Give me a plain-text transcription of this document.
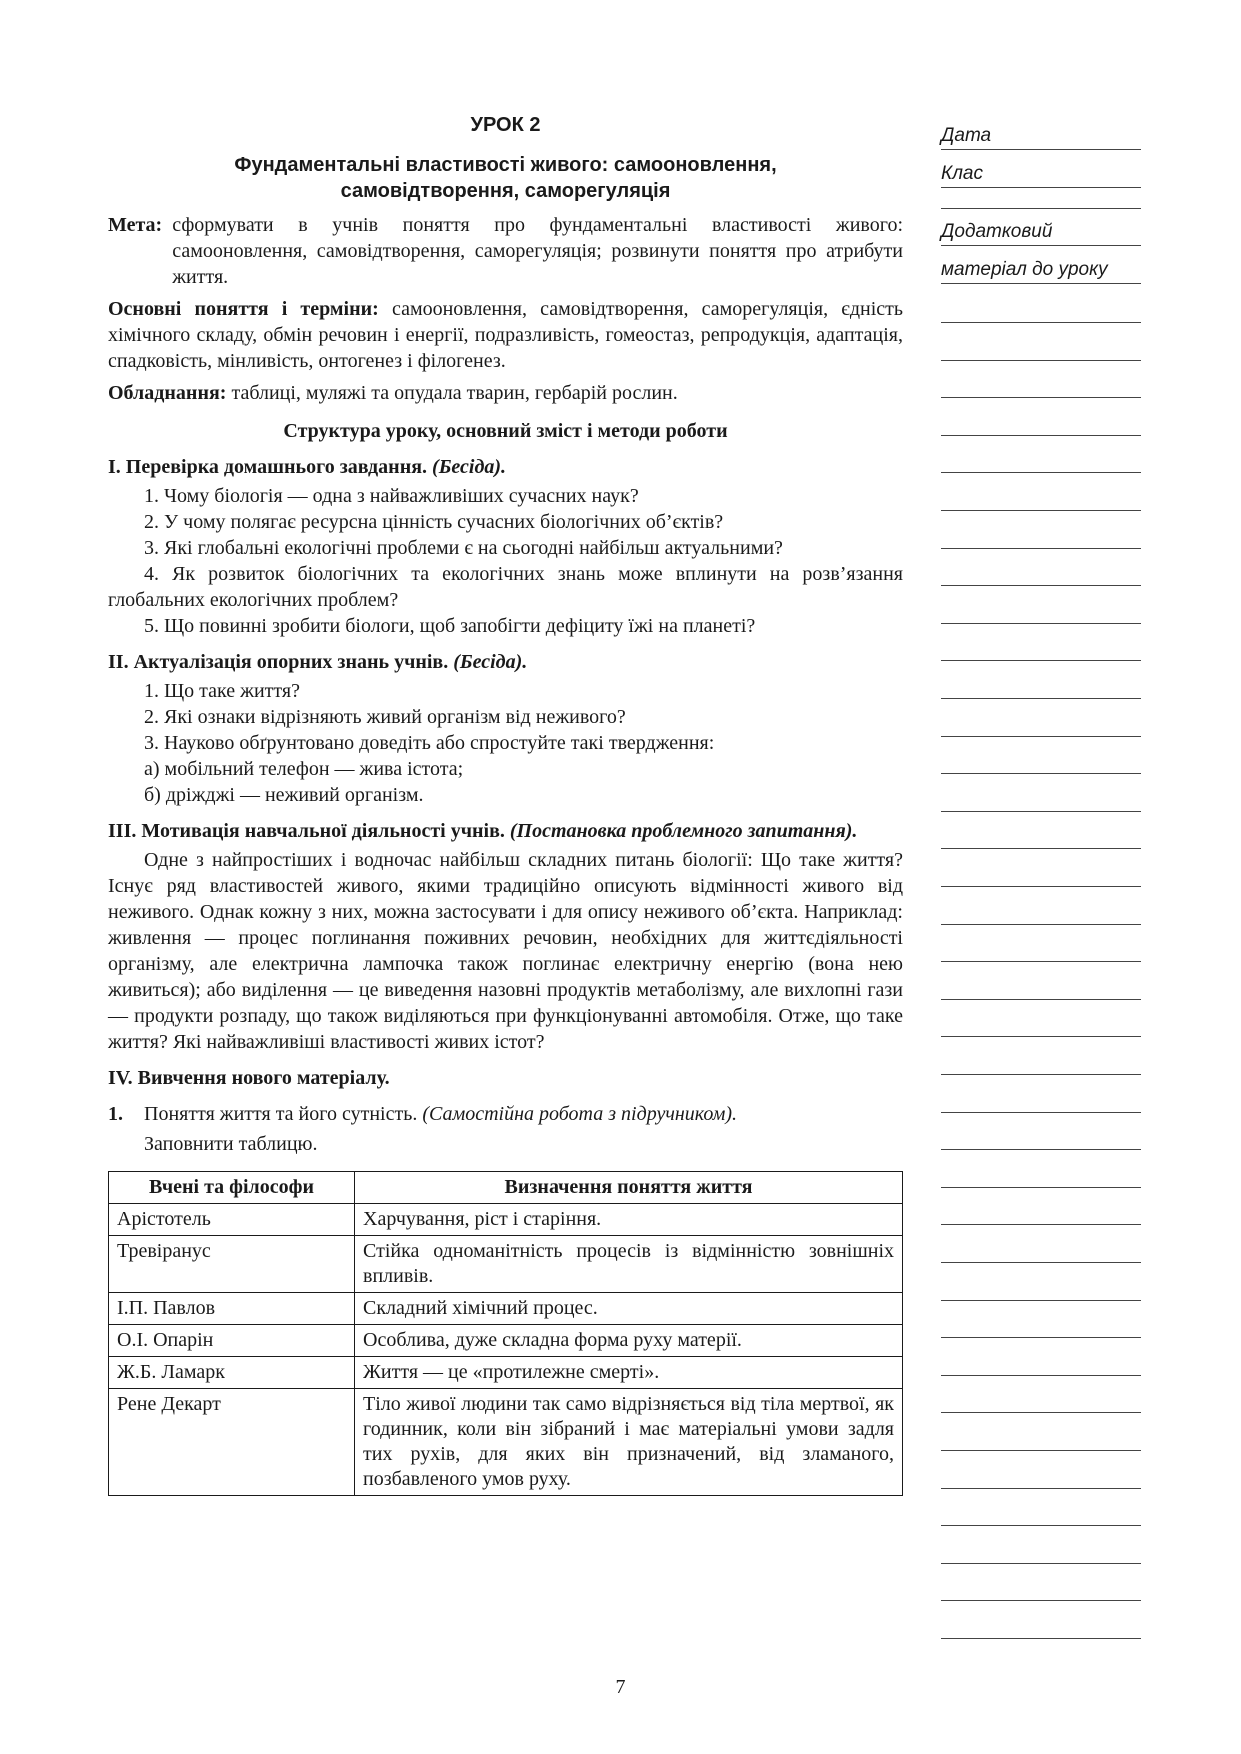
УРОК 2
Фундаментальні властивості живого: самооновлення,
самовідтворення, саморегуляція
Мета: сформувати в учнів поняття про фундаментальні властивості живого: самооновлення, самовідтворення, саморегуляція; розвинути поняття про атрибути життя.

Основні поняття і терміни: самооновлення, самовідтворення, саморегуляція, єдність хімічного складу, обмін речовин і енергії, подразливість, гомеостаз, репродукція, адаптація, спадковість, мінливість, онтогенез і філогенез.

Обладнання: таблиці, муляжі та опудала тварин, гербарій рослин.

Структура уроку, основний зміст і методи роботи
І. Перевірка домашнього завдання. (Бесіда).

1. Чому біологія — одна з найважливіших сучасних наук?

2. У чому полягає ресурсна цінність сучасних біологічних об’єктів?

3. Які глобальні екологічні проблеми є на сьогодні найбільш актуальними?

4. Як розвиток біологічних та екологічних знань може вплинути на розв’язання глобальних екологічних проблем?

5. Що повинні зробити біологи, щоб запобігти дефіциту їжі на планеті?

ІІ. Актуалізація опорних знань учнів. (Бесіда).

1. Що таке життя?

2. Які ознаки відрізняють живий організм від неживого?

3. Науково обґрунтовано доведіть або спростуйте такі твердження:

а) мобільний телефон — жива істота;

б) дріжджі — неживий організм.

ІІІ. Мотивація навчальної діяльності учнів. (Постановка проблемного запитання).

Одне з найпростіших і водночас найбільш складних питань біології: Що таке життя? Існує ряд властивостей живого, якими традиційно описують відмінності живого від неживого. Однак кожну з них, можна застосувати і для опису неживого об’єкта. Наприклад: живлення — процес поглинання поживних речовин, необхідних для життєдіяльності організму, але електрична лампочка також поглинає електричну енергію (вона нею живиться); або виділення — це виведення назовні продуктів метаболізму, але вихлопні гази — продукти розпаду, що також виділяються при функціонуванні автомобіля. Отже, що таке життя? Які найважливіші властивості живих істот?

IV. Вивчення нового матеріалу.
1.	Поняття життя та його сутність. (Самостійна робота з підручником).

Заповнити таблицю.

Вчені та філософи	Визначення поняття життя
Арістотель	Харчування, ріст і старіння.
Тревіранус	Стійка одноманітність процесів із відмінністю зовнішніх впливів.
І.П. Павлов	Складний хімічний процес.
О.І. Опарін	Особлива, дуже складна форма руху матерії.
Ж.Б. Ламарк	Життя — це «протилежне смерті».
Рене Декарт	Тіло живої людини так само відрізняється від тіла мертвої, як годинник, коли він зібраний і має матеріальні умови задля тих рухів, для яких він призначений, від зламаного, позбавленого умов руху.
Дата
Клас
Додатковий
матеріал до уроку
7
